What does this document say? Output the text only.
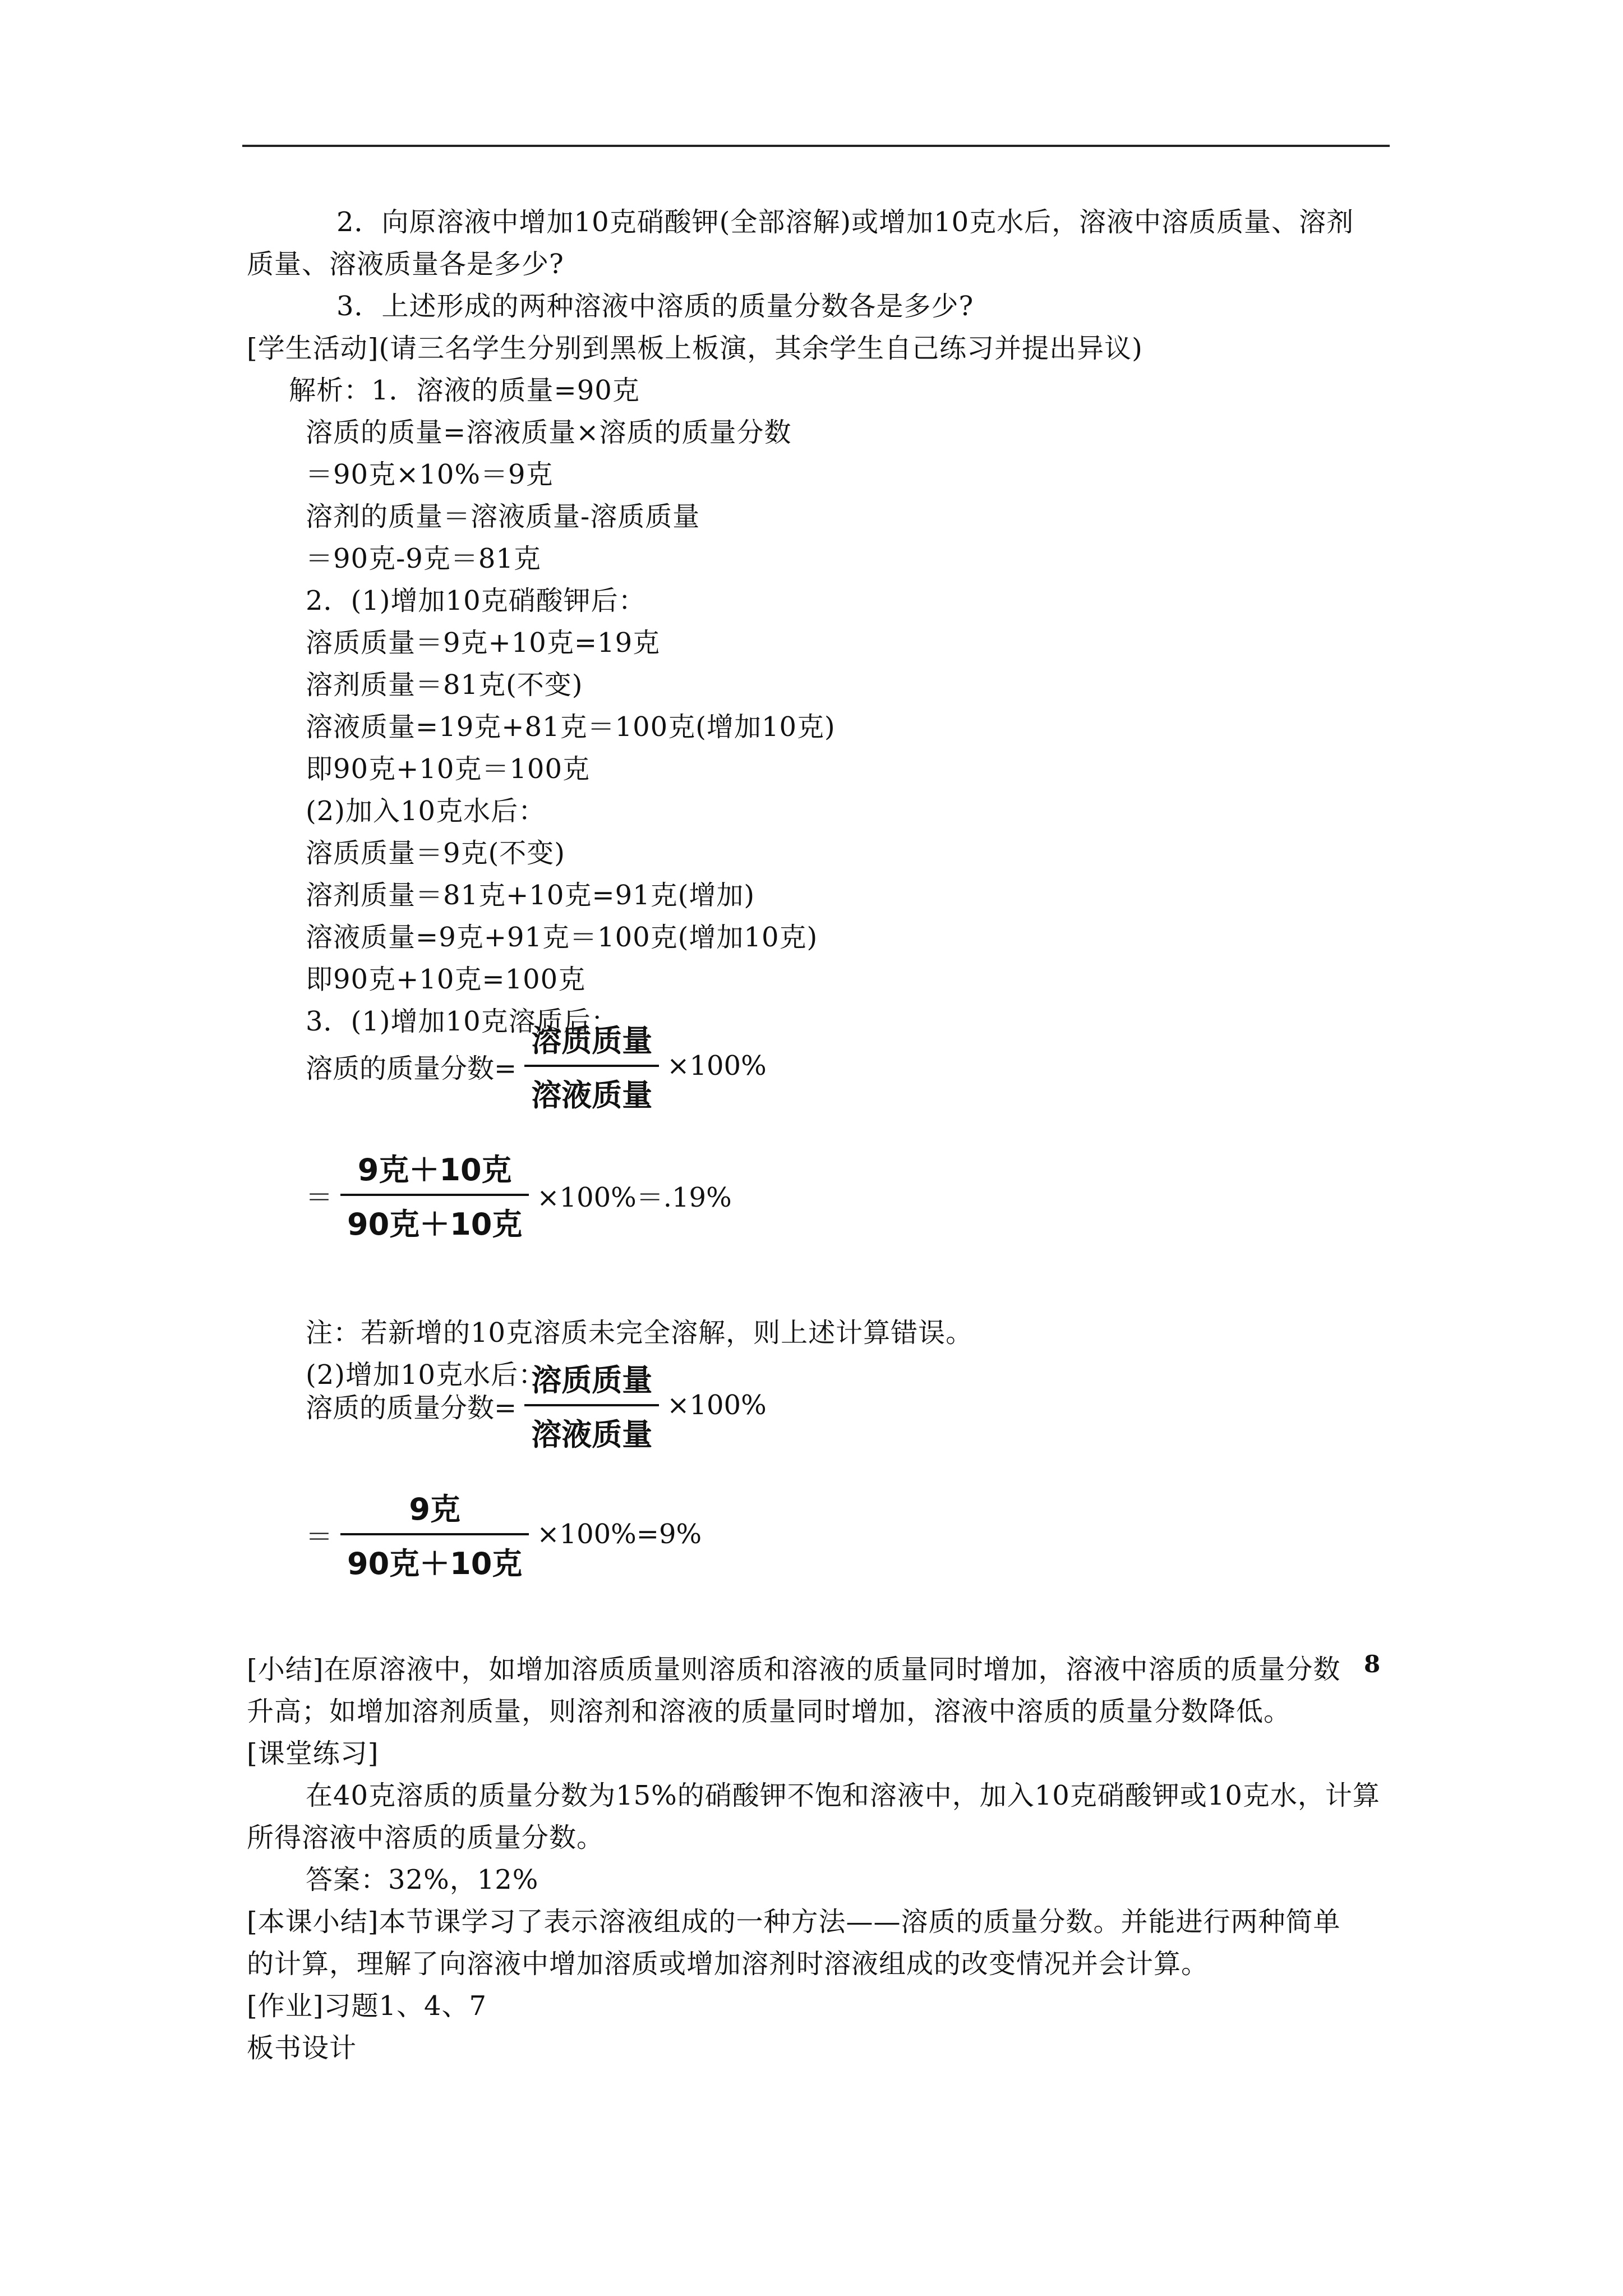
2．向原溶液中增加10克硝酸钾(全部溶解)或增加10克水后，溶液中溶质质量、溶剂
质量、溶液质量各是多少?
3．上述形成的两种溶液中溶质的质量分数各是多少?
[学生活动](请三名学生分别到黑板上板演，其余学生自己练习并提出异议)
解析：1．溶液的质量=90克
溶质的质量=溶液质量×溶质的质量分数
＝90克×10%＝9克
溶剂的质量＝溶液质量-溶质质量
＝90克-9克＝81克
2．(1)增加10克硝酸钾后：
溶质质量＝9克+10克=19克
溶剂质量＝81克(不变)
溶液质量=19克+81克＝100克(增加10克)
即90克+10克＝100克
(2)加入10克水后：
溶质质量＝9克(不变)
溶剂质量＝81克+10克=91克(增加)
溶液质量=9克+91克＝100克(增加10克)
即90克+10克=100克
3．(1)增加10克溶质后：
注：若新增的10克溶质未完全溶解，则上述计算错误。
(2)增加10克水后：
[小结]在原溶液中，如增加溶质质量则溶质和溶液的质量同时增加，溶液中溶质的质量分数
升高；如增加溶剂质量，则溶剂和溶液的质量同时增加，溶液中溶质的质量分数降低。
[课堂练习]
在40克溶质的质量分数为15%的硝酸钾不饱和溶液中，加入10克硝酸钾或10克水，计算
所得溶液中溶质的质量分数。
答案：32%，12%
[本课小结]本节课学习了表示溶液组成的一种方法——溶质的质量分数。并能进行两种简单
的计算，理解了向溶液中增加溶质或增加溶剂时溶液组成的改变情况并会计算。
[作业]习题1、4、7
板书设计
溶质的质量分数= $\frac{\text{溶质质量}}{\text{溶液质量}} \times 100\%$
＝ $\frac{\text{9克＋10克}}{\text{90克＋10克}} \times 100\%=.19\%$
溶质的质量分数= $\frac{\text{溶质质量}}{\text{溶液质量}} \times 100\%$
＝ $\frac{\text{9克}}{\text{90克＋10克}} \times 100\%=9\%$
8
